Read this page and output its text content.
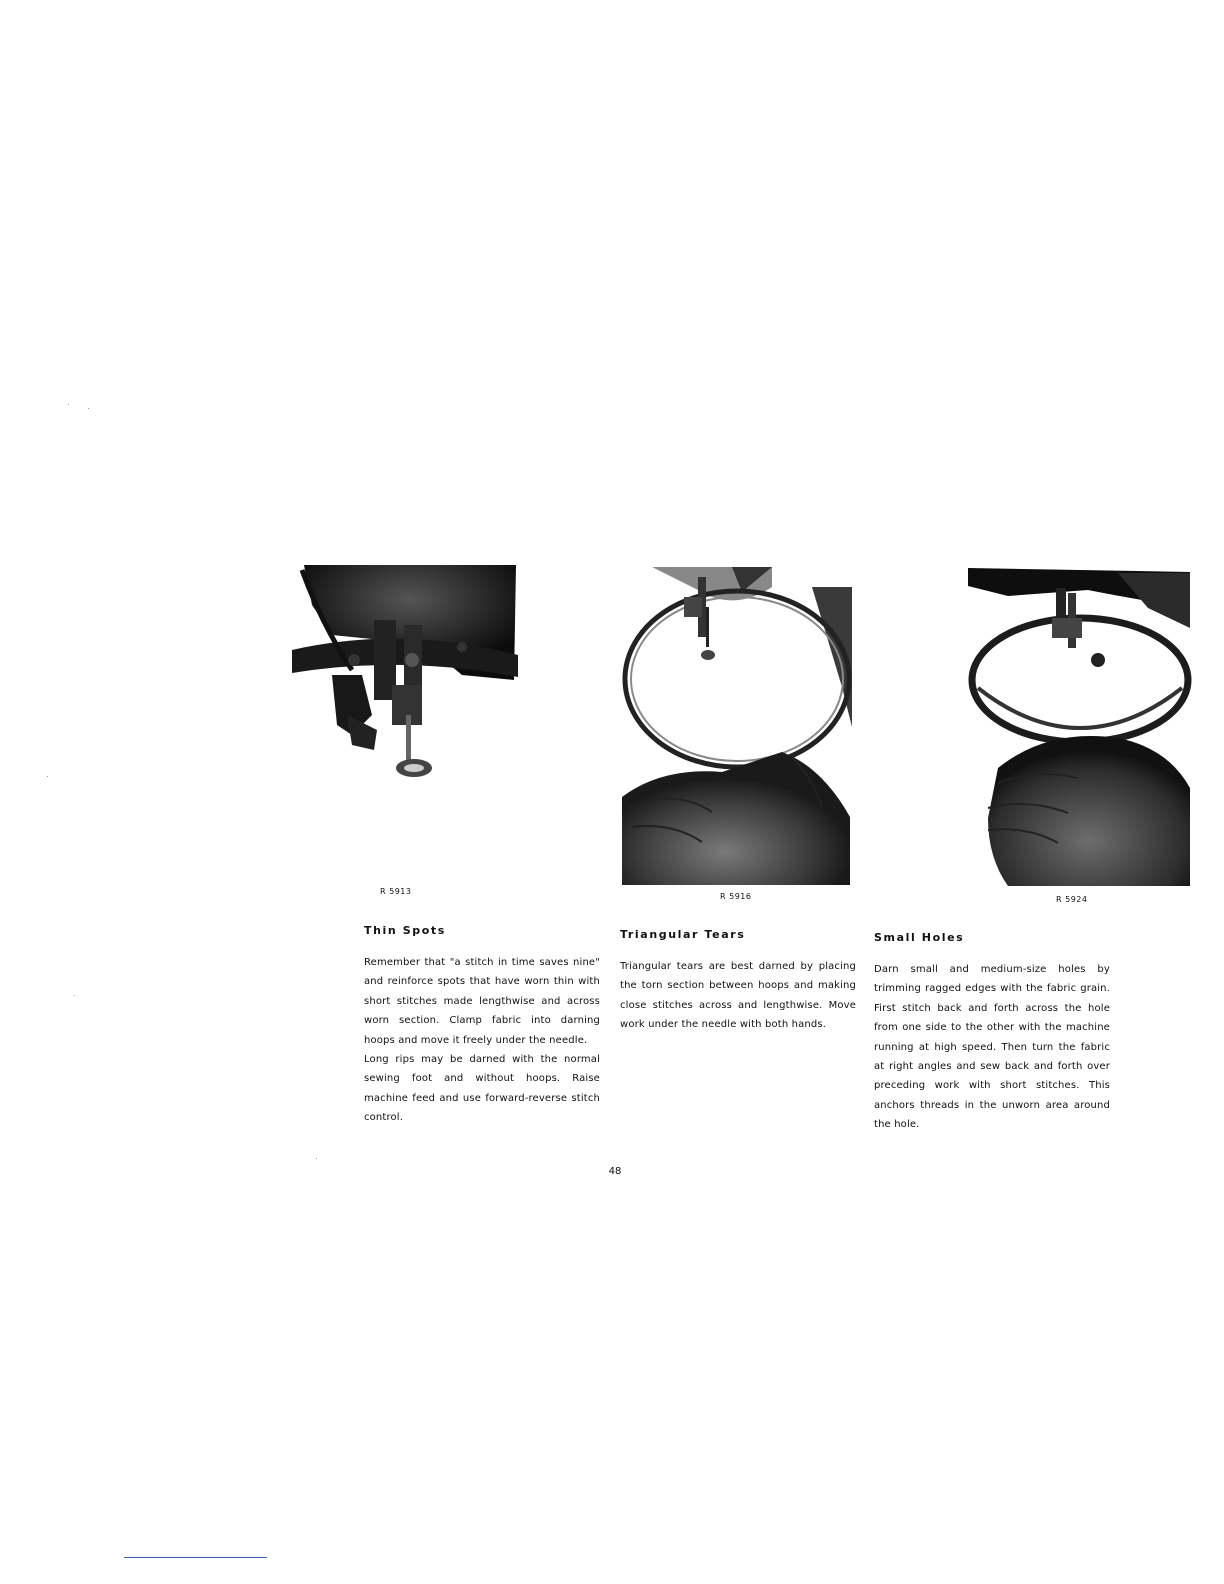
R 5913
R 5916	R 5924
Thin Spots

Remember that "a stitch in time saves nine" and reinforce spots that have worn thin with short stitches made lengthwise and across worn section. Clamp fabric into darning hoops and move it freely under the needle.

Long rips may be darned with the normal sewing foot and without hoops. Raise machine feed and use forward-reverse stitch control.

Triangular Tears

Triangular tears are best darned by placing the torn section between hoops and making close stitches across and lengthwise. Move work under the needle with both hands.

Small Holes

Darn small and medium-size holes by trimming ragged edges with the fabric grain. First stitch back and forth across the hole from one side to the other with the machine running at high speed. Then turn the fabric at right angles and sew back and forth over preceding work with short stitches. This anchors threads in the unworn area around the hole.

48
